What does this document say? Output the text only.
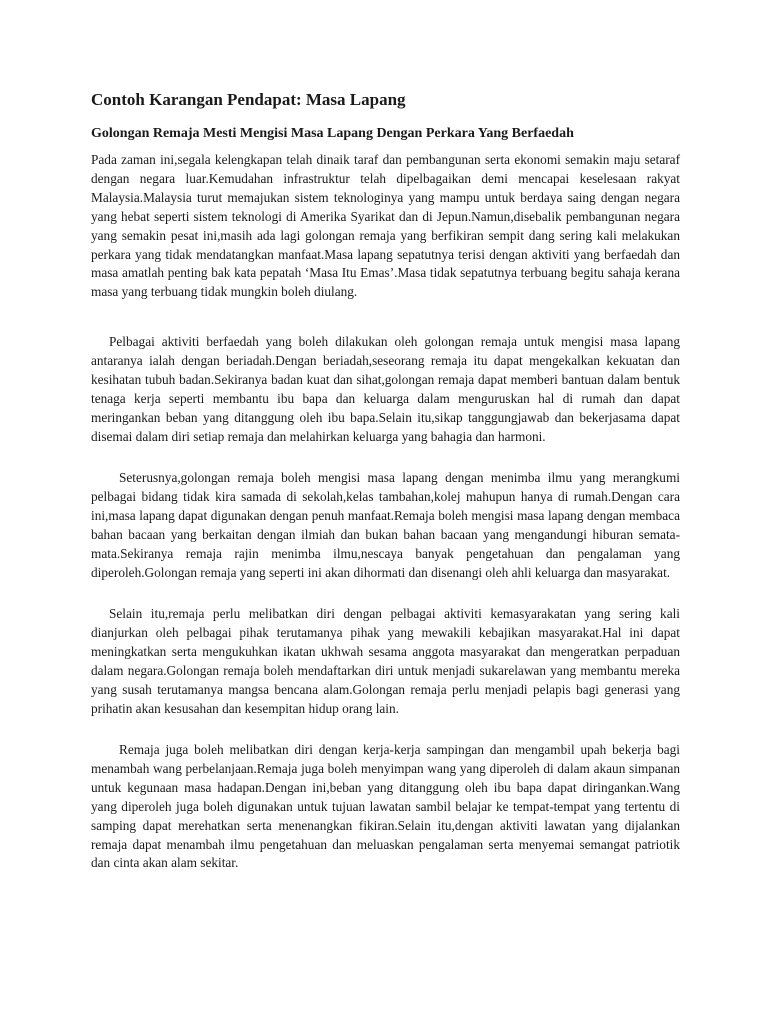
Contoh Karangan Pendapat: Masa Lapang
Golongan Remaja Mesti Mengisi Masa Lapang Dengan Perkara Yang Berfaedah

Pada zaman ini,segala kelengkapan telah dinaik taraf dan pembangunan serta ekonomi semakin maju setaraf dengan negara luar.Kemudahan infrastruktur telah dipelbagaikan demi mencapai keselesaan rakyat Malaysia.Malaysia turut memajukan sistem teknologinya yang mampu untuk berdaya saing dengan negara yang hebat seperti sistem teknologi di Amerika Syarikat dan di Jepun.Namun,disebalik pembangunan negara yang semakin pesat ini,masih ada lagi golongan remaja yang berfikiran sempit dang sering kali melakukan perkara yang tidak mendatangkan manfaat.Masa lapang sepatutnya terisi dengan aktiviti yang berfaedah dan masa amatlah penting bak kata pepatah ‘Masa Itu Emas’.Masa tidak sepatutnya terbuang begitu sahaja kerana masa yang terbuang tidak mungkin boleh diulang.

Pelbagai aktiviti berfaedah yang boleh dilakukan oleh golongan remaja untuk mengisi masa lapang antaranya ialah dengan beriadah.Dengan beriadah,seseorang remaja itu dapat mengekalkan kekuatan dan kesihatan tubuh badan.Sekiranya badan kuat dan sihat,golongan remaja dapat memberi bantuan dalam bentuk tenaga kerja seperti membantu ibu bapa dan keluarga dalam menguruskan hal di rumah dan dapat meringankan beban yang ditanggung oleh ibu bapa.Selain itu,sikap tanggungjawab dan bekerjasama dapat disemai dalam diri setiap remaja dan melahirkan keluarga yang bahagia dan harmoni.

Seterusnya,golongan remaja boleh mengisi masa lapang dengan menimba ilmu yang merangkumi pelbagai bidang tidak kira samada di sekolah,kelas tambahan,kolej mahupun hanya di rumah.Dengan cara ini,masa lapang dapat digunakan dengan penuh manfaat.Remaja boleh mengisi masa lapang dengan membaca bahan bacaan yang berkaitan dengan ilmiah dan bukan bahan bacaan yang mengandungi hiburan semata-mata.Sekiranya remaja rajin menimba ilmu,nescaya banyak pengetahuan dan pengalaman yang diperoleh.Golongan remaja yang seperti ini akan dihormati dan disenangi oleh ahli keluarga dan masyarakat.

Selain itu,remaja perlu melibatkan diri dengan pelbagai aktiviti kemasyarakatan yang sering kali dianjurkan oleh pelbagai pihak terutamanya pihak yang mewakili kebajikan masyarakat.Hal ini dapat meningkatkan serta mengukuhkan ikatan ukhwah sesama anggota masyarakat dan mengeratkan perpaduan dalam negara.Golongan remaja boleh mendaftarkan diri untuk menjadi sukarelawan yang membantu mereka yang susah terutamanya mangsa bencana alam.Golongan remaja perlu menjadi pelapis bagi generasi yang prihatin akan kesusahan dan kesempitan hidup orang lain.

Remaja juga boleh melibatkan diri dengan kerja-kerja sampingan dan mengambil upah bekerja bagi menambah wang perbelanjaan.Remaja juga boleh menyimpan wang yang diperoleh di dalam akaun simpanan untuk kegunaan masa hadapan.Dengan ini,beban yang ditanggung oleh ibu bapa dapat diringankan.Wang yang diperoleh juga boleh digunakan untuk tujuan lawatan sambil belajar ke tempat-tempat yang tertentu di samping dapat merehatkan serta menenangkan fikiran.Selain itu,dengan aktiviti lawatan yang dijalankan remaja dapat menambah ilmu pengetahuan dan meluaskan pengalaman serta menyemai semangat patriotik dan cinta akan alam sekitar.
